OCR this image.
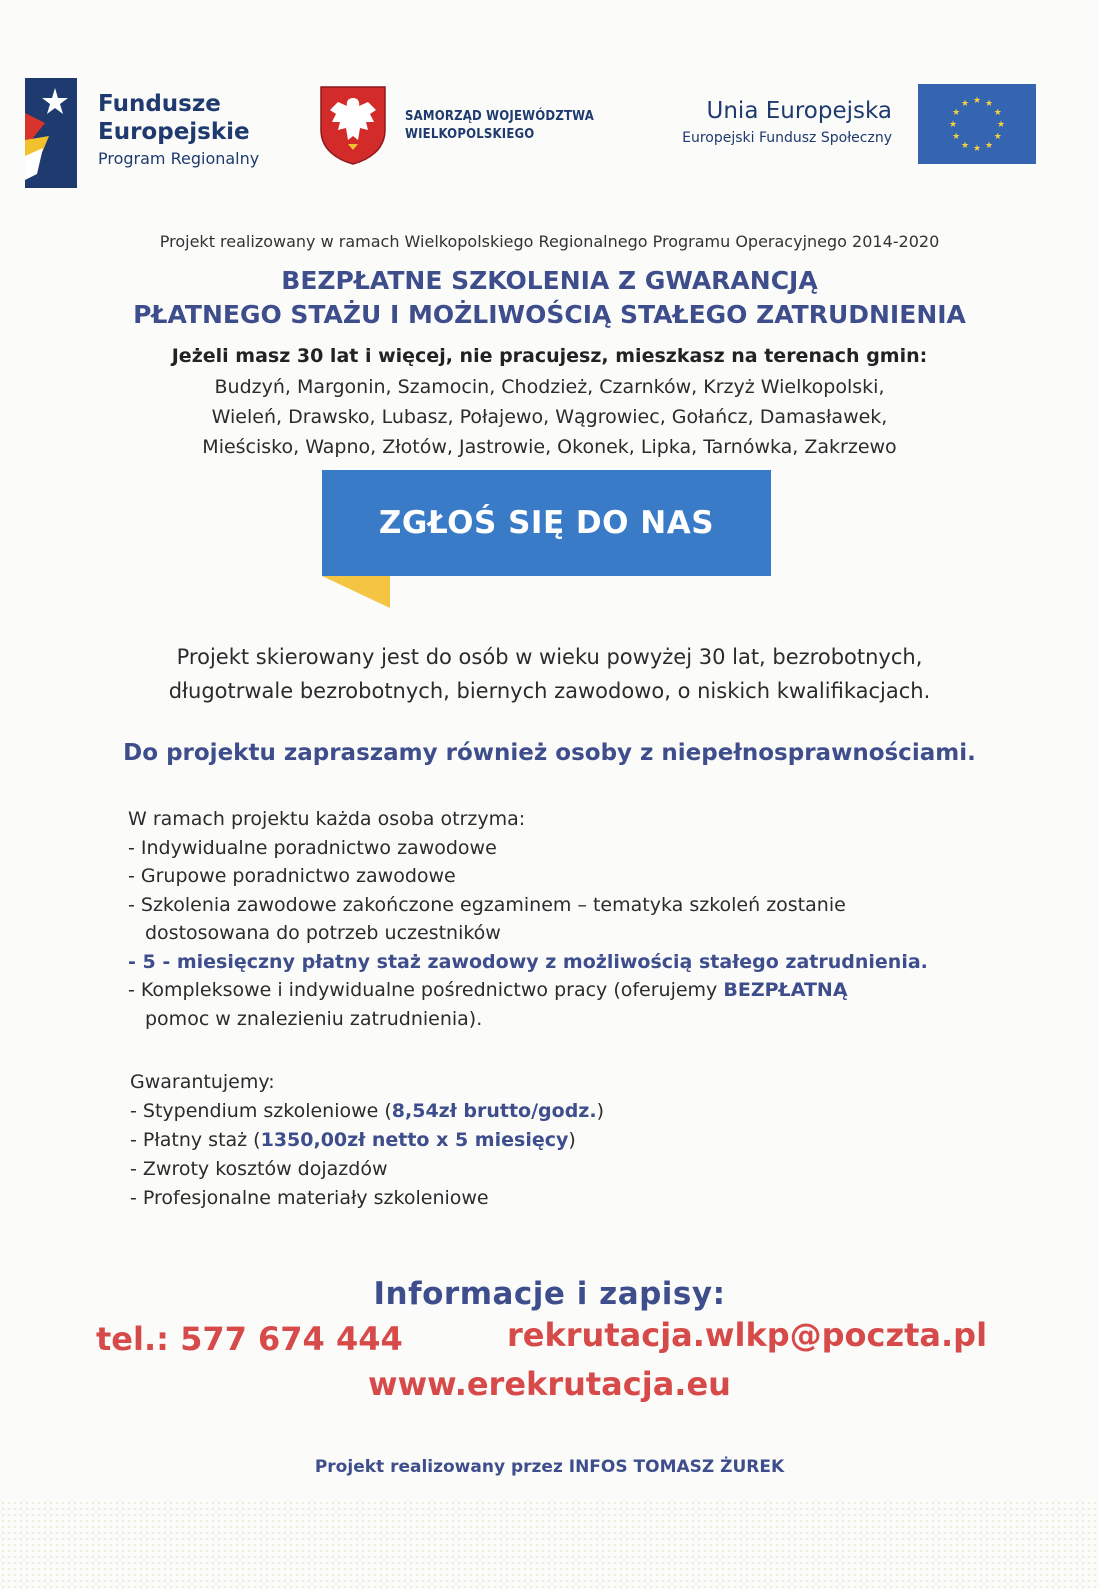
Fundusze
Europejskie
Program Regionalny
SAMORZĄD WOJEWÓDZTWA
WIELKOPOLSKIEGO
Unia Europejska
Europejski Fundusz Społeczny
★ ★
★
★
★
★
★
★
★
★
★
★
Projekt realizowany w ramach Wielkopolskiego Regionalnego Programu Operacyjnego 2014-2020
BEZPŁATNE SZKOLENIA Z GWARANCJĄ
PŁATNEGO STAŻU I MOŻLIWOŚCIĄ STAŁEGO ZATRUDNIENIA
Jeżeli masz 30 lat i więcej, nie pracujesz, mieszkasz na terenach gmin:
Budzyń, Margonin, Szamocin, Chodzież, Czarnków, Krzyż Wielkopolski,
Wieleń, Drawsko, Lubasz, Połajewo, Wągrowiec, Gołańcz, Damasławek,
Mieścisko, Wapno, Złotów, Jastrowie, Okonek, Lipka, Tarnówka, Zakrzewo
ZGŁOŚ SIĘ DO NAS
Projekt skierowany jest do osób w wieku powyżej 30 lat, bezrobotnych,
długotrwale bezrobotnych, biernych zawodowo, o niskich kwalifikacjach.
Do projektu zapraszamy również osoby z niepełnosprawnościami.
W ramach projektu każda osoba otrzyma:
- Indywidualne poradnictwo zawodowe
- Grupowe poradnictwo zawodowe
- Szkolenia zawodowe zakończone egzaminem – tematyka szkoleń zostanie
dostosowana do potrzeb uczestników
- 5 - miesięczny płatny staż zawodowy z możliwością stałego zatrudnienia.
- Kompleksowe i indywidualne pośrednictwo pracy (oferujemy BEZPŁATNĄ
pomoc w znalezieniu zatrudnienia).
Gwarantujemy:
- Stypendium szkoleniowe (8,54zł brutto/godz.)
- Płatny staż (1350,00zł netto x 5 miesięcy)
- Zwroty kosztów dojazdów
- Profesjonalne materiały szkoleniowe
Informacje i zapisy:
tel.: 577 674 444	rekrutacja.wlkp@poczta.pl
www.erekrutacja.eu
Projekt realizowany przez INFOS TOMASZ ŻUREK
